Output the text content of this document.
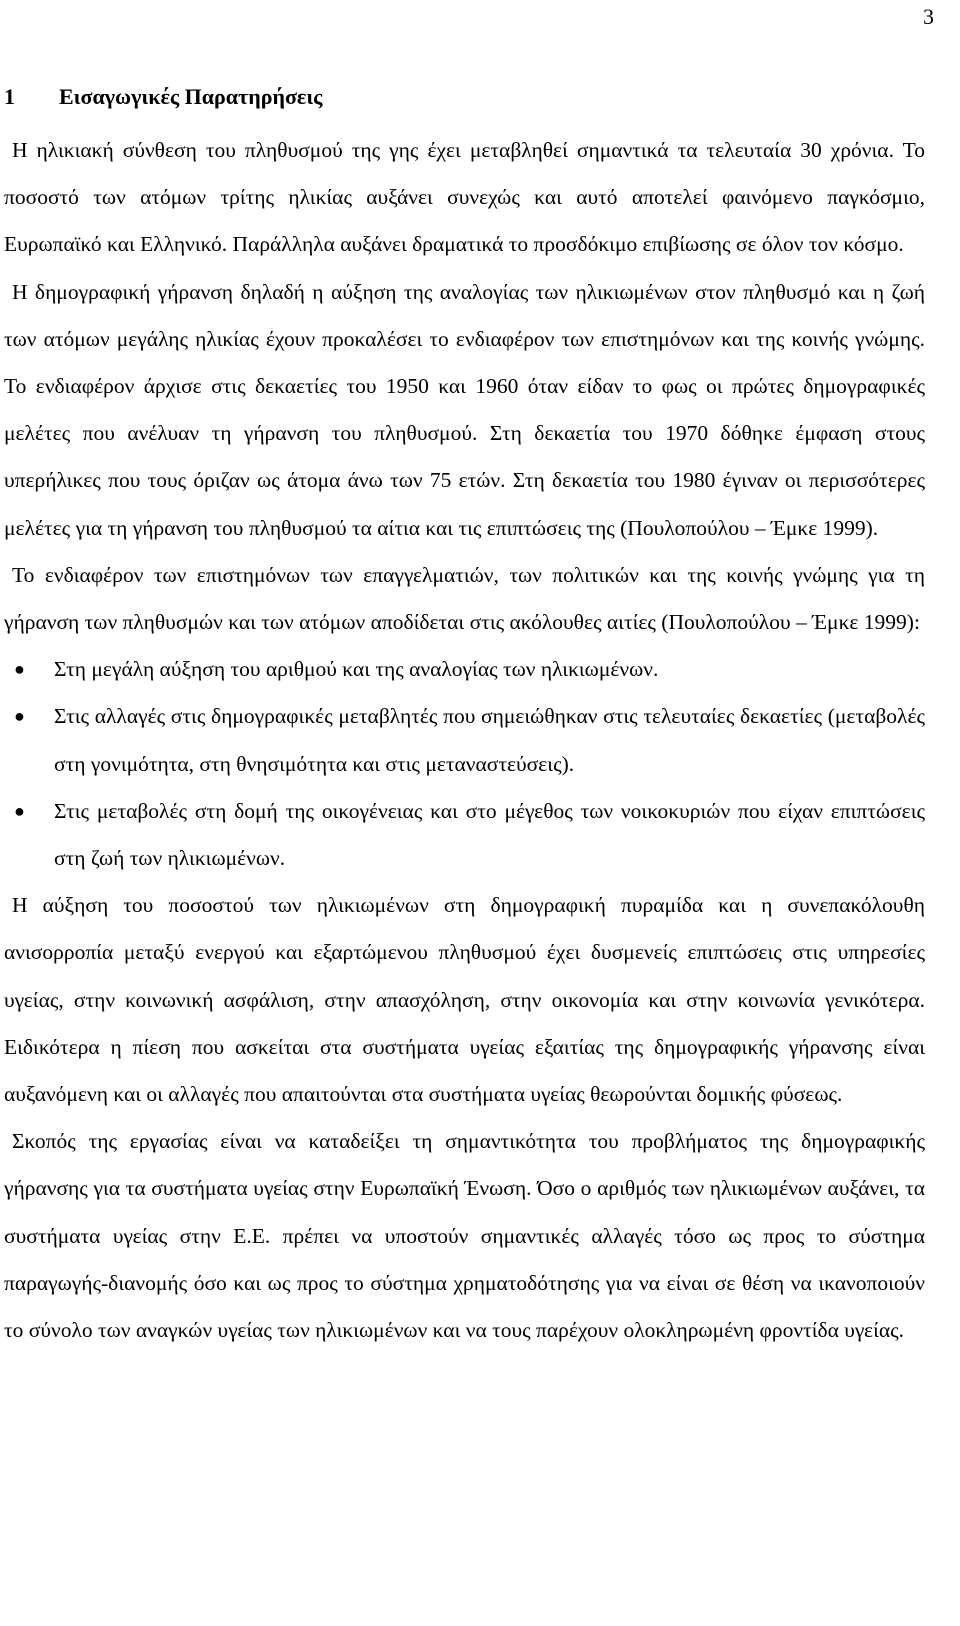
3
1 Εισαγωγικές Παρατηρήσεις

Η ηλικιακή σύνθεση του πληθυσμού της γης έχει μεταβληθεί σημαντικά τα τελευταία 30 χρόνια. Το ποσοστό των ατόμων τρίτης ηλικίας αυξάνει συνεχώς και αυτό αποτελεί φαινόμενο παγκόσμιο, Ευρωπαϊκό και Ελληνικό. Παράλληλα αυξάνει δραματικά το προσδόκιμο επιβίωσης σε όλον τον κόσμο.

Η δημογραφική γήρανση δηλαδή η αύξηση της αναλογίας των ηλικιωμένων στον πληθυσμό και η ζωή των ατόμων μεγάλης ηλικίας έχουν προκαλέσει το ενδιαφέρον των επιστημόνων και της κοινής γνώμης. Το ενδιαφέρον άρχισε στις δεκαετίες του 1950 και 1960 όταν είδαν το φως οι πρώτες δημογραφικές μελέτες που ανέλυαν τη γήρανση του πληθυσμού. Στη δεκαετία του 1970 δόθηκε έμφαση στους υπερήλικες που τους όριζαν ως άτομα άνω των 75 ετών. Στη δεκαετία του 1980 έγιναν οι περισσότερες μελέτες για τη γήρανση του πληθυσμού τα αίτια και τις επιπτώσεις της (Πουλοπούλου – Έμκε 1999).

Το ενδιαφέρον των επιστημόνων των επαγγελματιών, των πολιτικών και της κοινής γνώμης για τη γήρανση των πληθυσμών και των ατόμων αποδίδεται στις ακόλουθες αιτίες (Πουλοπούλου – Έμκε 1999):

● Στη μεγάλη αύξηση του αριθμού και της αναλογίας των ηλικιωμένων.
● Στις αλλαγές στις δημογραφικές μεταβλητές που σημειώθηκαν στις τελευταίες δεκαετίες (μεταβολές στη γονιμότητα, στη θνησιμότητα και στις μεταναστεύσεις).
● Στις μεταβολές στη δομή της οικογένειας και στο μέγεθος των νοικοκυριών που είχαν επιπτώσεις στη ζωή των ηλικιωμένων.

Η αύξηση του ποσοστού των ηλικιωμένων στη δημογραφική πυραμίδα και η συνεπακόλουθη ανισορροπία μεταξύ ενεργού και εξαρτώμενου πληθυσμού έχει δυσμενείς επιπτώσεις στις υπηρεσίες υγείας, στην κοινωνική ασφάλιση, στην απασχόληση, στην οικονομία και στην κοινωνία γενικότερα. Ειδικότερα η πίεση που ασκείται στα συστήματα υγείας εξαιτίας της δημογραφικής γήρανσης είναι αυξανόμενη και οι αλλαγές που απαιτούνται στα συστήματα υγείας θεωρούνται δομικής φύσεως.

Σκοπός της εργασίας είναι να καταδείξει τη σημαντικότητα του προβλήματος της δημογραφικής γήρανσης για τα συστήματα υγείας στην Ευρωπαϊκή Ένωση. Όσο ο αριθμός των ηλικιωμένων αυξάνει, τα συστήματα υγείας στην Ε.Ε. πρέπει να υποστούν σημαντικές αλλαγές τόσο ως προς το σύστημα παραγωγής-διανομής όσο και ως προς το σύστημα χρηματοδότησης για να είναι σε θέση να ικανοποιούν το σύνολο των αναγκών υγείας των ηλικιωμένων και να τους παρέχουν ολοκληρωμένη φροντίδα υγείας.
